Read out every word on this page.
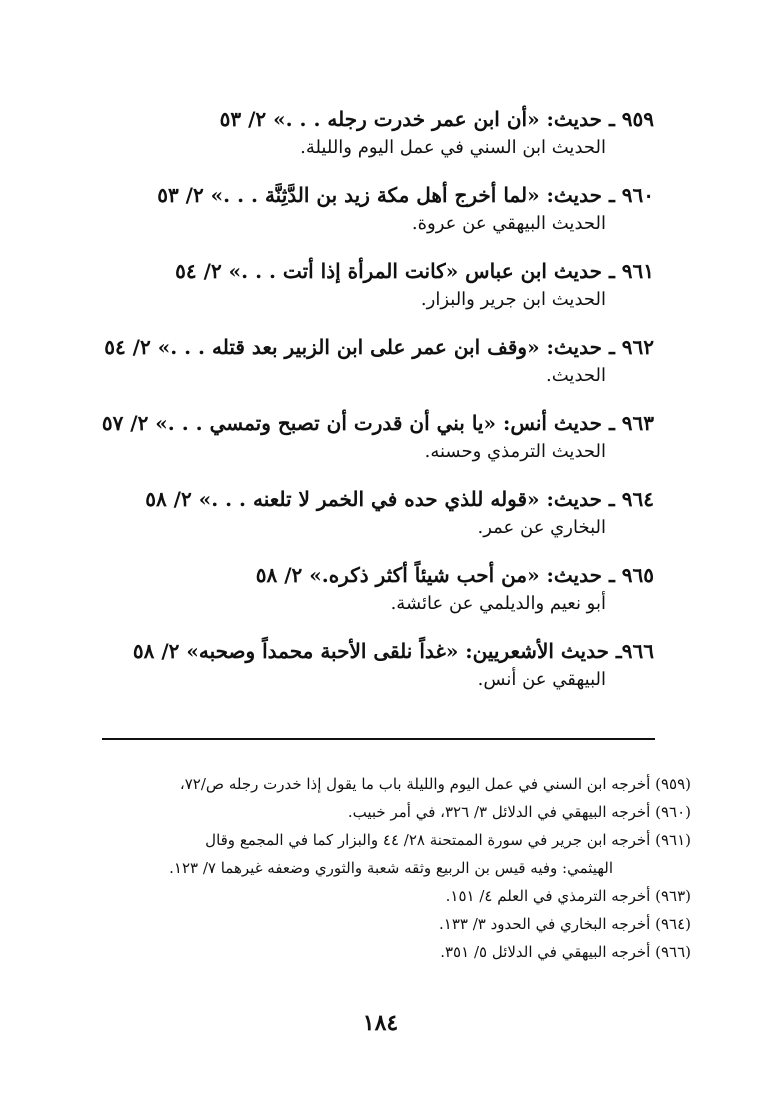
٩٥٩ ـ حديث: «أن ابن عمر خدرت رجله . . .» ٢/ ٥٣
الحديث ابن السني في عمل اليوم والليلة.
٩٦٠ ـ حديث: «لما أخرج أهل مكة زيد بن الدَّثِنَّة . . .» ٢/ ٥٣
الحديث البيهقي عن عروة.
٩٦١ ـ حديث ابن عباس «كانت المرأة إذا أتت . . .» ٢/ ٥٤
الحديث ابن جرير والبزار.
٩٦٢ ـ حديث: «وقف ابن عمر على ابن الزبير بعد قتله . . .» ٢/ ٥٤
الحديث.
٩٦٣ ـ حديث أنس: «يا بني أن قدرت أن تصبح وتمسي . . .» ٢/ ٥٧
الحديث الترمذي وحسنه.
٩٦٤ ـ حديث: «قوله للذي حده في الخمر لا تلعنه . . .» ٢/ ٥٨
البخاري عن عمر.
٩٦٥ ـ حديث: «من أحب شيئاً أكثر ذكره.» ٢/ ٥٨
أبو نعيم والديلمي عن عائشة.
٩٦٦ـ حديث الأشعريين: «غداً نلقى الأحبة محمداً وصحبه» ٢/ ٥٨
البيهقي عن أنس.
(٩٥٩) أخرجه ابن السني في عمل اليوم والليلة باب ما يقول إذا خدرت رجله ص/٧٢،
(٩٦٠) أخرجه البيهقي في الدلائل ٣/ ٣٢٦، في أمر خبيب.
(٩٦١) أخرجه ابن جرير في سورة الممتحنة ٢٨/ ٤٤ والبزار كما في المجمع وقال
الهيثمي: وفيه قيس بن الربيع وثقه شعبة والثوري وضعفه غيرهما ٧/ ١٢٣.
(٩٦٣) أخرجه الترمذي في العلم ٤/ ١٥١.
(٩٦٤) أخرجه البخاري في الحدود ٣/ ١٣٣.
(٩٦٦) أخرجه البيهقي في الدلائل ٥/ ٣٥١.
١٨٤
